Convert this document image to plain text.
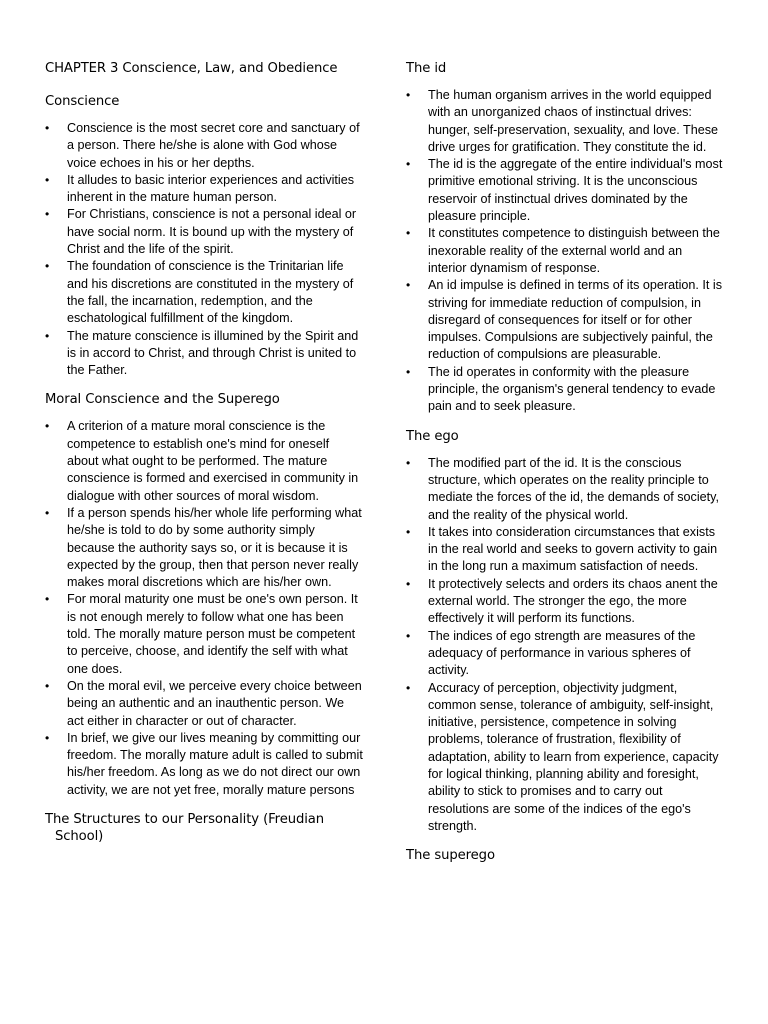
CHAPTER 3 Conscience, Law, and Obedience
Conscience
• Conscience is the most secret core and sanctuary of a person. There he/she is alone with God whose voice echoes in his or her depths.
• It alludes to basic interior experiences and activities inherent in the mature human person.
• For Christians, conscience is not a personal ideal or have social norm. It is bound up with the mystery of Christ and the life of the spirit.
• The foundation of conscience is the Trinitarian life and his discretions are constituted in the mystery of the fall, the incarnation, redemption, and the eschatological fulfillment of the kingdom.
• The mature conscience is illumined by the Spirit and is in accord to Christ, and through Christ is united to the Father.
Moral Conscience and the Superego
• A criterion of a mature moral conscience is the competence to establish one's mind for oneself about what ought to be performed. The mature conscience is formed and exercised in community in dialogue with other sources of moral wisdom.
• If a person spends his/her whole life performing what he/she is told to do by some authority simply because the authority says so, or it is because it is expected by the group, then that person never really makes moral discretions which are his/her own.
• For moral maturity one must be one's own person. It is not enough merely to follow what one has been told. The morally mature person must be competent to perceive, choose, and identify the self with what one does.
• On the moral evil, we perceive every choice between being an authentic and an inauthentic person. We act either in character or out of character.
• In brief, we give our lives meaning by committing our freedom. The morally mature adult is called to submit his/her freedom. As long as we do not direct our own activity, we are not yet free, morally mature persons
The Structures to our Personality (Freudian School)
The id
• The human organism arrives in the world equipped with an unorganized chaos of instinctual drives: hunger, self-preservation, sexuality, and love. These drive urges for gratification. They constitute the id.
• The id is the aggregate of the entire individual's most primitive emotional striving. It is the unconscious reservoir of instinctual drives dominated by the pleasure principle.
• It constitutes competence to distinguish between the inexorable reality of the external world and an interior dynamism of response.
• An id impulse is defined in terms of its operation. It is striving for immediate reduction of compulsion, in disregard of consequences for itself or for other impulses. Compulsions are subjectively painful, the reduction of compulsions are pleasurable.
• The id operates in conformity with the pleasure principle, the organism's general tendency to evade pain and to seek pleasure.
The ego
• The modified part of the id. It is the conscious structure, which operates on the reality principle to mediate the forces of the id, the demands of society, and the reality of the physical world.
• It takes into consideration circumstances that exists in the real world and seeks to govern activity to gain in the long run a maximum satisfaction of needs.
• It protectively selects and orders its chaos anent the external world. The stronger the ego, the more effectively it will perform its functions.
• The indices of ego strength are measures of the adequacy of performance in various spheres of activity.
• Accuracy of perception, objectivity judgment, common sense, tolerance of ambiguity, self-insight, initiative, persistence, competence in solving problems, tolerance of frustration, flexibility of adaptation, ability to learn from experience, capacity for logical thinking, planning ability and foresight, ability to stick to promises and to carry out resolutions are some of the indices of the ego's strength.
The superego
